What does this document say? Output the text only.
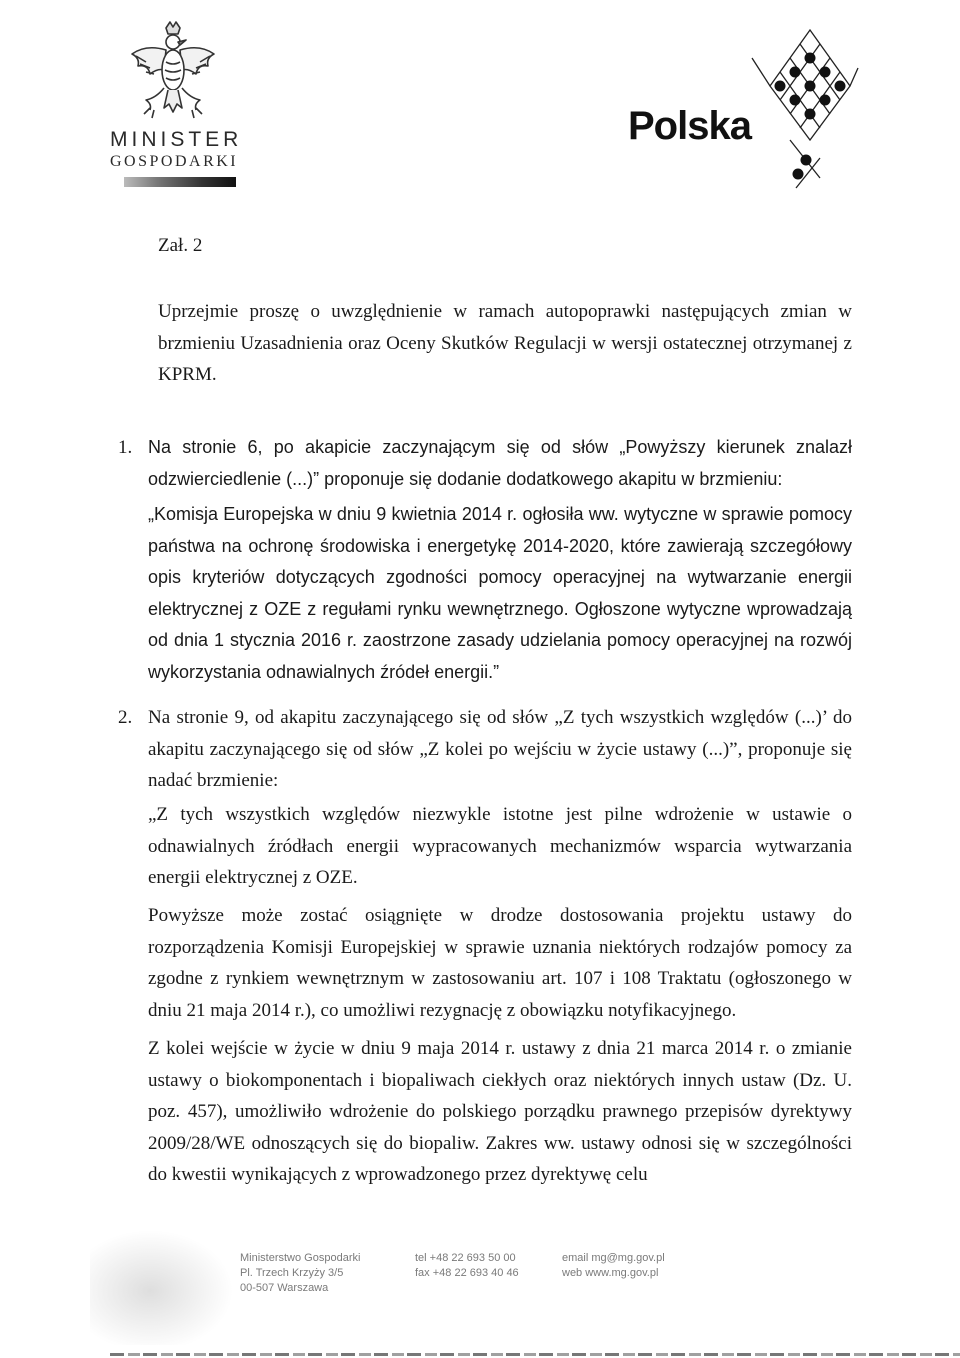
MINISTER
GOSPODARKI
Polska
Zał. 2
Uprzejmie proszę o uwzględnienie w ramach autopoprawki następujących zmian w brzmieniu Uzasadnienia oraz Oceny Skutków Regulacji w wersji ostatecznej otrzymanej z KPRM.
1. Na stronie 6, po akapicie zaczynającym się od słów „Powyższy kierunek znalazł odzwierciedlenie (...)” proponuje się dodanie dodatkowego akapitu w brzmieniu:
„Komisja Europejska w dniu 9 kwietnia 2014 r. ogłosiła ww. wytyczne w sprawie pomocy państwa na ochronę środowiska i energetykę 2014-2020, które zawierają szczegółowy opis kryteriów dotyczących zgodności pomocy operacyjnej na wytwarzanie energii elektrycznej z OZE z regułami rynku wewnętrznego. Ogłoszone wytyczne wprowadzają od dnia 1 stycznia 2016 r. zaostrzone zasady udzielania pomocy operacyjnej na rozwój wykorzystania odnawialnych źródeł energii.”
2. Na stronie 9, od akapitu zaczynającego się od słów „Z tych wszystkich względów (...)’ do akapitu zaczynającego się od słów „Z kolei po wejściu w życie ustawy (...)”, proponuje się nadać brzmienie:
„Z tych wszystkich względów niezwykle istotne jest pilne wdrożenie w ustawie o odnawialnych źródłach energii wypracowanych mechanizmów wsparcia wytwarzania energii elektrycznej z OZE.
Powyższe może zostać osiągnięte w drodze dostosowania projektu ustawy do rozporządzenia Komisji Europejskiej w sprawie uznania niektórych rodzajów pomocy za zgodne z rynkiem wewnętrznym w zastosowaniu art. 107 i 108 Traktatu (ogłoszonego w dniu 21 maja 2014 r.), co umożliwi rezygnację z obowiązku notyfikacyjnego.
Z kolei wejście w życie w dniu 9 maja 2014 r. ustawy z dnia 21 marca 2014 r. o zmianie ustawy o biokomponentach i biopaliwach ciekłych oraz niektórych innych ustaw (Dz. U. poz. 457), umożliwiło wdrożenie do polskiego porządku prawnego przepisów dyrektywy 2009/28/WE odnoszących się do biopaliw. Zakres ww. ustawy odnosi się w szczególności do kwestii wynikających z wprowadzonego przez dyrektywę celu
Ministerstwo Gospodarki
Pl. Trzech Krzyży 3/5
00-507 Warszawa
tel +48 22 693 50 00
fax +48 22 693 40 46
email mg@mg.gov.pl
web www.mg.gov.pl
